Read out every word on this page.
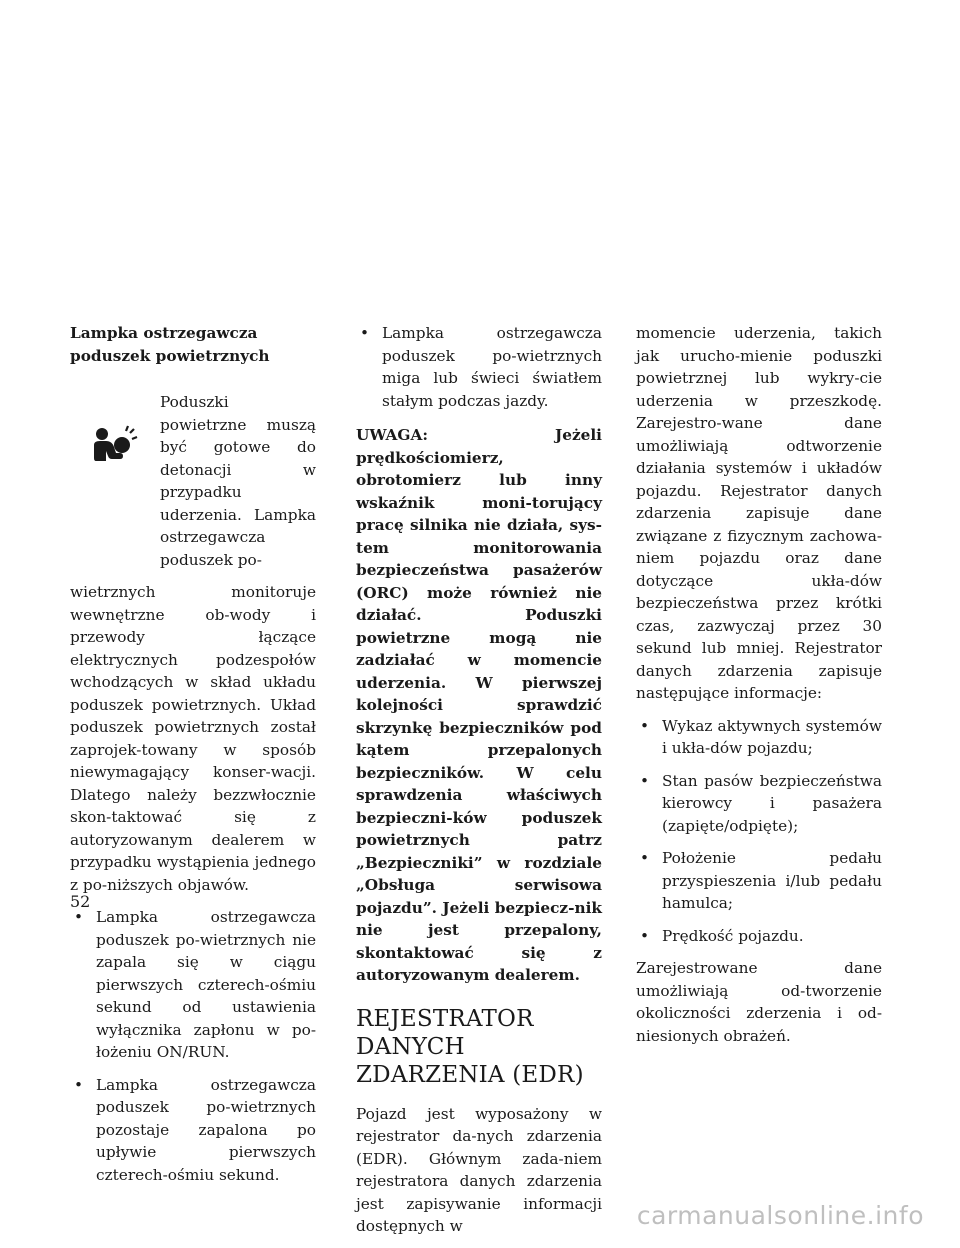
Lampka ostrzegawcza poduszek powietrznych

Poduszki powietrzne muszą być gotowe do detonacji w przypadku uderzenia. Lampka ostrzegawcza poduszek po-

wietrznych monitoruje wewnętrzne ob-wody i przewody łączące elektrycznych podzespołów wchodzących w skład układu poduszek powietrznych. Układ poduszek powietrznych został zaprojek-towany w sposób niewymagający konser-wacji. Dlatego należy bezzwłocznie skon-taktować się z autoryzowanym dealerem w przypadku wystąpienia jednego z po-niższych objawów.

• Lampka ostrzegawcza poduszek po-wietrznych nie zapala się w ciągu pierwszych czterech-ośmiu sekund od ustawienia wyłącznika zapłonu w po-łożeniu ON/RUN.
• Lampka ostrzegawcza poduszek po-wietrznych pozostaje zapalona po upływie pierwszych czterech-ośmiu sekund.
• Lampka ostrzegawcza poduszek po-wietrznych miga lub świeci światłem stałym podczas jazdy.

UWAGA: Jeżeli prędkościomierz, obrotomierz lub inny wskaźnik moni-torujący pracę silnika nie działa, sys-tem monitorowania bezpieczeństwa pasażerów (ORC) może również nie działać. Poduszki powietrzne mogą nie zadziałać w momencie uderzenia. W pierwszej kolejności sprawdzić skrzynkę bezpieczników pod kątem przepalonych bezpieczników. W celu sprawdzenia właściwych bezpieczni-ków poduszek powietrznych patrz „Bezpieczniki” w rozdziale „Obsługa serwisowa pojazdu”. Jeżeli bezpiecz-nik nie jest przepalony, skontaktować się z autoryzowanym dealerem.

REJESTRATOR DANYCH
ZDARZENIA (EDR)

Pojazd jest wyposażony w rejestrator da-nych zdarzenia (EDR). Głównym zada-niem rejestratora danych zdarzenia jest zapisywanie informacji dostępnych w

momencie uderzenia, takich jak urucho-mienie poduszki powietrznej lub wykry-cie uderzenia w przeszkodę. Zarejestro-wane dane umożliwiają odtworzenie działania systemów i układów pojazdu. Rejestrator danych zdarzenia zapisuje dane związane z fizycznym zachowa-niem pojazdu oraz dane dotyczące ukła-dów bezpieczeństwa przez krótki czas, zazwyczaj przez 30 sekund lub mniej. Rejestrator danych zdarzenia zapisuje następujące informacje:

• Wykaz aktywnych systemów i ukła-dów pojazdu;
• Stan pasów bezpieczeństwa kierowcy i pasażera (zapięte/odpięte);
• Położenie pedału przyspieszenia i/lub pedału hamulca;
• Prędkość pojazdu.

Zarejestrowane dane umożliwiają od-tworzenie okoliczności zderzenia i od-niesionych obrażeń.

52
carmanualsonline.info
